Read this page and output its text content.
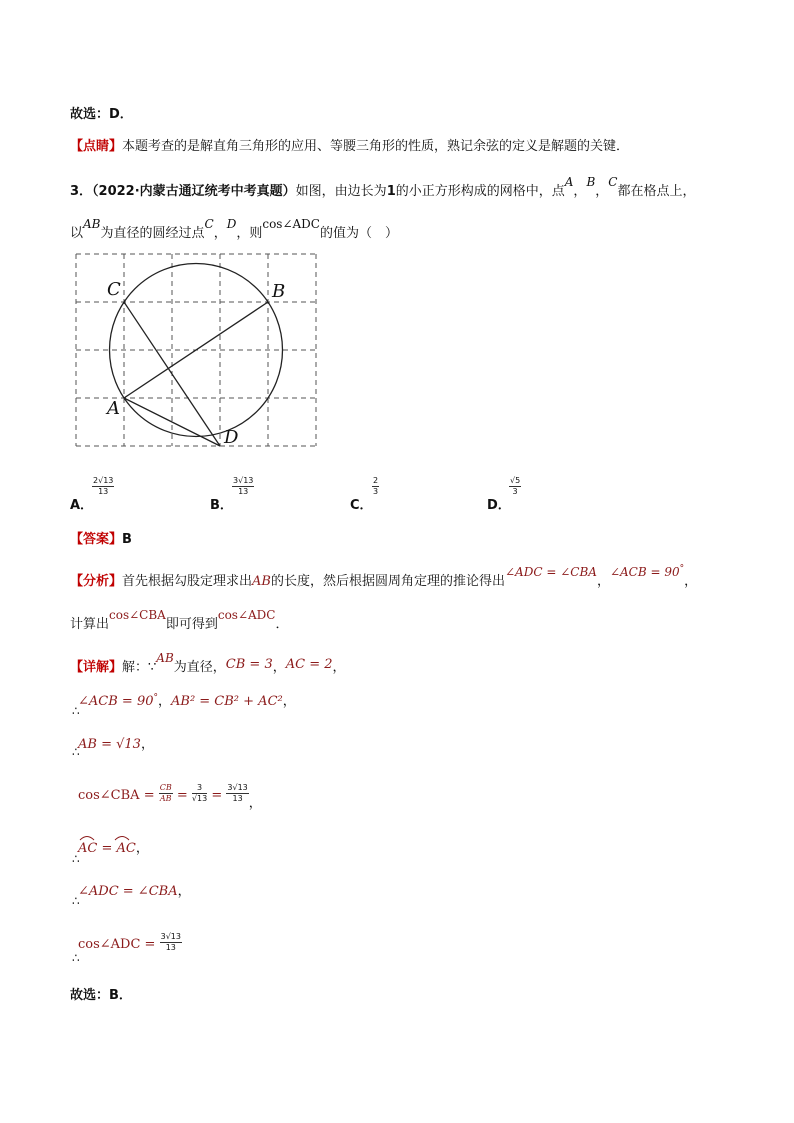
故选：D．
【点睛】本题考查的是解直角三角形的应用、等腰三角形的性质，熟记余弦的定义是解题的关键．
3．（2022·内蒙古通辽统考中考真题）如图，由边长为1的小正方形构成的网格中，点A，B，C都在格点上，
以AB为直径的圆经过点C，D，则cos∠ADC的值为（　）
C	B
A
D
A．
$\frac{2√13}{13}$
B．
$\frac{3√13}{13}$
C．
$\frac{2}{3}$
D．
$\frac{√5}{3}$
【答案】B
【分析】首先根据勾股定理求出AB的长度，然后根据圆周角定理的推论得出∠ADC = ∠CBA，∠ACB = 90°，
计算出cos∠CBA即可得到cos∠ADC．
【详解】解：∵AB为直径，CB = 3，AC = 2，
∴
∠ACB = 90°，AB² = CB² + AC²，
∴
AB = √13，
cos∠CBA = $\frac{CB}{AB} = \frac{3}{√13} = \frac{3√13}{13}$ ，
∴
AC = AC，
∴
∠ADC = ∠CBA，
∴
cos∠ADC = $\frac{3√13}{13}$
故选：B．
